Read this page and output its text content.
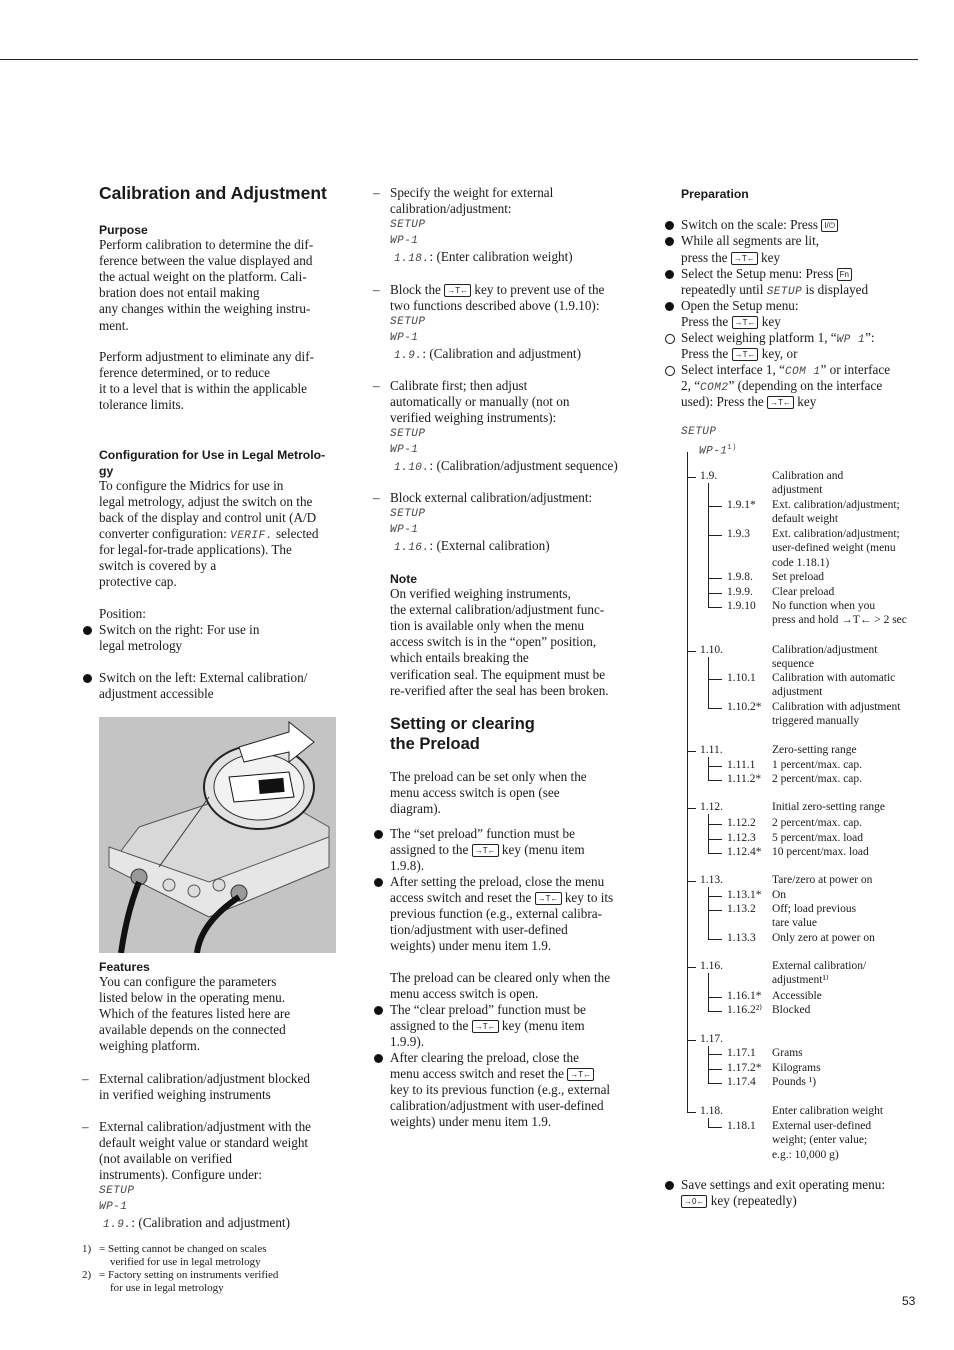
Calibration and Adjustment
Purpose
Perform calibration to determine the dif-
ference between the value displayed and
the actual weight on the platform. Cali-
bration does not entail making
any changes within the weighing instru-
ment.
Perform adjustment to eliminate any dif-
ference determined, or to reduce
it to a level that is within the applicable
tolerance limits.
Configuration for Use in Legal Metrolo-
gy
To configure the Midrics for use in
legal metrology, adjust the switch on the
back of the display and control unit (A/D
converter configuration: VERIF. selected
for legal-for-trade applications). The
switch is covered by a
protective cap.
Position:
Switch on the right: For use in
legal metrology
Switch on the left: External calibration/
adjustment accessible
Features
You can configure the parameters
listed below in the operating menu.
Which of the features listed here are
available depends on the connected
weighing platform.
– External calibration/adjustment blocked
in verified weighing instruments
– External calibration/adjustment with the
default weight value or standard weight
(not available on verified
instruments). Configure under:
SETUP
WP-1
1.9.: (Calibration and adjustment)
1) = Setting cannot be changed on scales
verified for use in legal metrology
2) = Factory setting on instruments verified
for use in legal metrology
– Specify the weight for external
calibration/adjustment:
SETUP
WP-1
1.18.: (Enter calibration weight)
– Block the →T← key to prevent use of the
two functions described above (1.9.10):
SETUP
WP-1
1.9.: (Calibration and adjustment)
– Calibrate first; then adjust
automatically or manually (not on
verified weighing instruments):
SETUP
WP-1
1.10.: (Calibration/adjustment sequence)
– Block external calibration/adjustment:
SETUP
WP-1
1.16.: (External calibration)
Note
On verified weighing instruments,
the external calibration/adjustment func-
tion is available only when the menu
access switch is in the “open” position,
which entails breaking the
verification seal. The equipment must be
re-verified after the seal has been broken.
Setting or clearing
the Preload
The preload can be set only when the
menu access switch is open (see
diagram).
The “set preload” function must be
assigned to the →T← key (menu item
1.9.8).
After setting the preload, close the menu
access switch and reset the →T← key to its
previous function (e.g., external calibra-
tion/adjustment with user-defined
weights) under menu item 1.9.
The preload can be cleared only when the
menu access switch is open.
The “clear preload” function must be
assigned to the →T← key (menu item
1.9.9).
After clearing the preload, close the
menu access switch and reset the →T←
key to its previous function (e.g., external
calibration/adjustment with user-defined
weights) under menu item 1.9.
Preparation
Switch on the scale: Press I/⏻
While all segments are lit,
press the →T← key
Select the Setup menu: Press Fn
repeatedly until SETUP is displayed
Open the Setup menu:
Press the →T← key
Select weighing platform 1, “WP 1”:
Press the →T← key, or
Select interface 1, “COM 1” or interface
2, “COM2” (depending on the interface
used): Press the →T← key
SETUP
WP-1$^{1)}$
1.9.	Calibration and
adjustment
1.9.1* Ext. calibration/adjustment;
default weight
1.9.3 Ext. calibration/adjustment;
user-defined weight (menu
code 1.18.1)
1.9.8. Set preload
1.9.9. Clear preload
1.9.10 No function when you
press and hold →T← > 2 sec
1.10.	Calibration/adjustment
sequence
1.10.1 Calibration with automatic
adjustment
1.10.2* Calibration with adjustment
triggered manually
1.11.	Zero-setting range
1.11.1 1 percent/max. cap.
1.11.2* 2 percent/max. cap.
1.12.	Initial zero-setting range
1.12.2 2 percent/max. cap.
1.12.3 5 percent/max. load
1.12.4* 10 percent/max. load
1.13.	Tare/zero at power on
1.13.1* On
1.13.2 Off; load previous
tare value
1.13.3 Only zero at power on
1.16.	External calibration/
adjustment¹⁾
1.16.1* Accessible
1.16.2²⁾ Blocked
1.17.
1.17.1 Grams
1.17.2* Kilograms
1.17.4 Pounds ¹)
1.18.	Enter calibration weight
1.18.1 External user-defined
weight; (enter value;
e.g.: 10,000 g)
Save settings and exit operating menu:
→0← key (repeatedly)
53
